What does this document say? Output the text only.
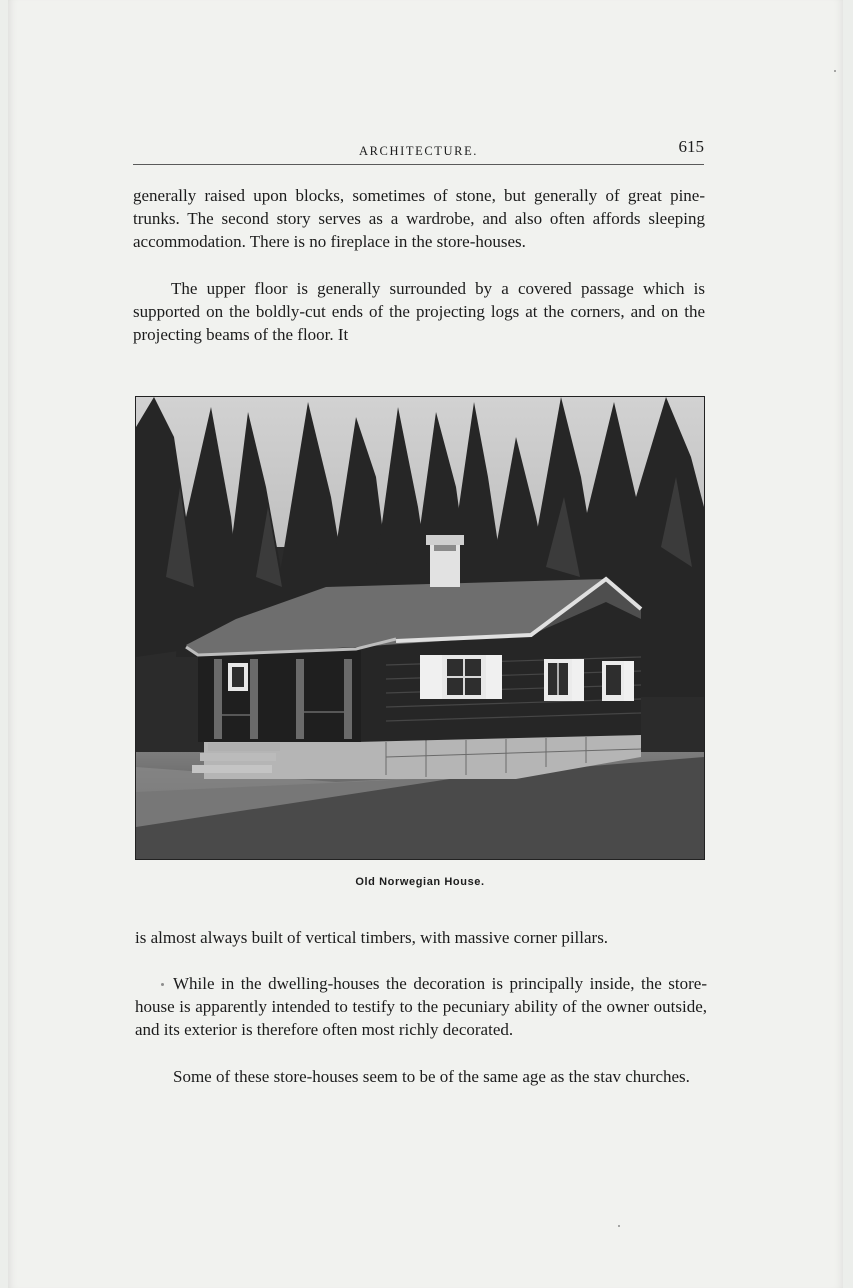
ARCHITECTURE.	615

generally raised upon blocks, sometimes of stone, but generally of great pine-trunks. The second story serves as a wardrobe, and also often affords sleeping accommodation. There is no fireplace in the store-houses.

The upper floor is generally surrounded by a covered passage which is supported on the boldly-cut ends of the projecting logs at the corners, and on the projecting beams of the floor. It

Old Norwegian House.

is almost always built of vertical timbers, with massive corner pillars.

While in the dwelling-houses the decoration is principally inside, the store-house is apparently intended to testify to the pecuniary ability of the owner outside, and its exterior is therefore often most richly decorated.

Some of these store-houses seem to be of the same age as the stav churches.
